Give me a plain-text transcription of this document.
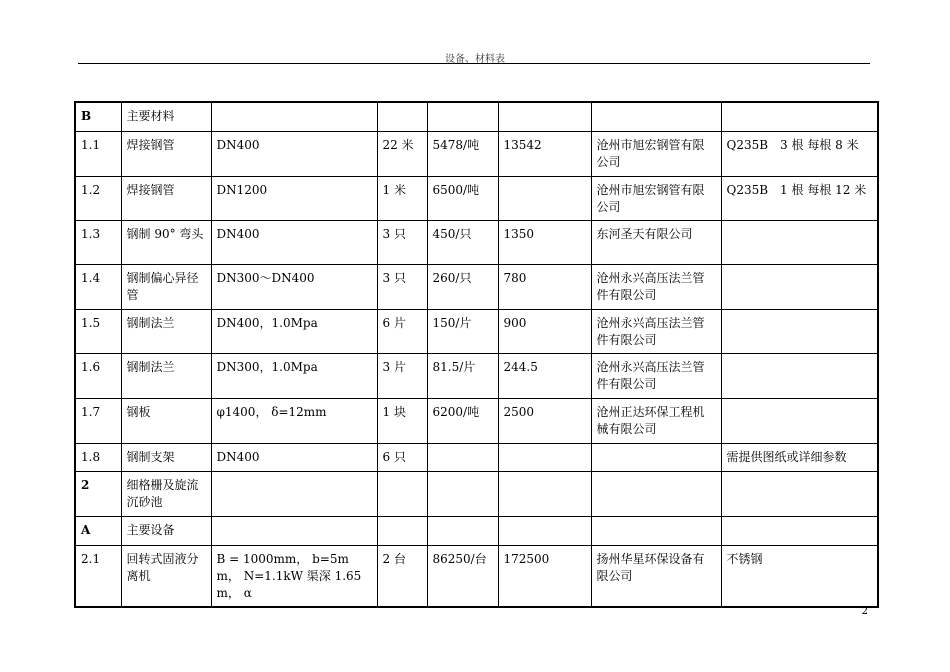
设备、材料表
B	主要材料						
1.1	焊接钢管	DN400	22 米	5478/吨	13542	沧州市旭宏钢管有限公司	Q235B　3 根 每根 8 米
1.2	焊接钢管	DN1200	1 米	6500/吨		沧州市旭宏钢管有限公司	Q235B　1 根 每根 12 米
1.3	钢制 90° 弯头	DN400	3 只	450/只	1350	东河圣天有限公司	
1.4	钢制偏心异径管	DN300～DN400	3 只	260/只	780	沧州永兴高压法兰管件有限公司	
1.5	钢制法兰	DN400，1.0Mpa	6 片	150/片	900	沧州永兴高压法兰管件有限公司	
1.6	钢制法兰	DN300，1.0Mpa	3 片	81.5/片	244.5	沧州永兴高压法兰管件有限公司	
1.7	钢板	φ1400， δ=12mm	1 块	6200/吨	2500	沧州正达环保工程机械有限公司	
1.8	钢制支架	DN400	6 只				需提供图纸或详细参数
2	细格栅及旋流沉砂池						
A	主要设备						
2.1	回转式固液分离机	B = 1000mm， b=5mm， N=1.1kW 渠深 1.65m， α	2 台	86250/台	172500	扬州华星环保设备有限公司	不锈钢
2
